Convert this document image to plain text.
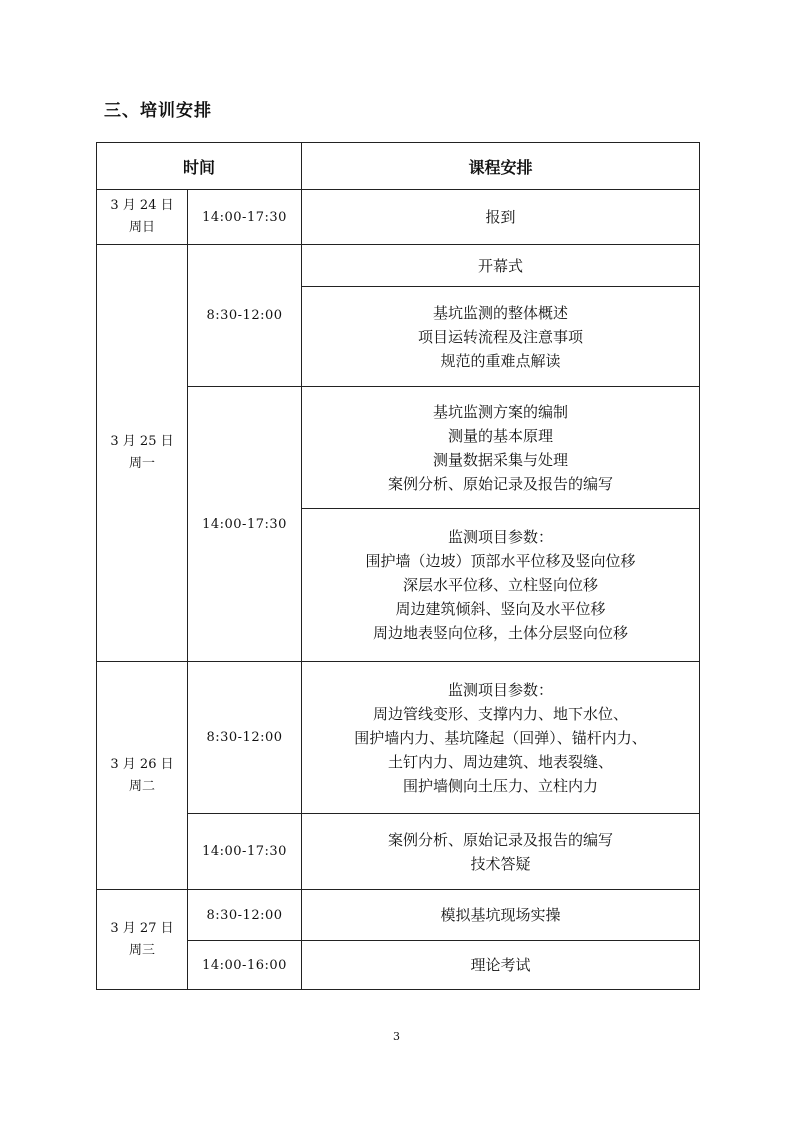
三、培训安排
时间		课程安排

3 月 24 日
周日	14:00-17:30	报到

3 月 25 日
周一	8:30-12:00	开幕式

		基坑监测的整体概述
项目运转流程及注意事项
规范的重难点解读

	14:00-17:30	基坑监测方案的编制
测量的基本原理
测量数据采集与处理
案例分析、原始记录及报告的编写

		监测项目参数：
围护墙（边坡）顶部水平位移及竖向位移
深层水平位移、立柱竖向位移
周边建筑倾斜、竖向及水平位移
周边地表竖向位移，土体分层竖向位移

3 月 26 日
周二	8:30-12:00	监测项目参数：
周边管线变形、支撑内力、地下水位、
围护墙内力、基坑隆起（回弹）、锚杆内力、
土钉内力、周边建筑、地表裂缝、
围护墙侧向土压力、立柱内力

	14:00-17:30	案例分析、原始记录及报告的编写
技术答疑

3 月 27 日
周三	8:30-12:00	模拟基坑现场实操

	14:00-16:00	理论考试
3
